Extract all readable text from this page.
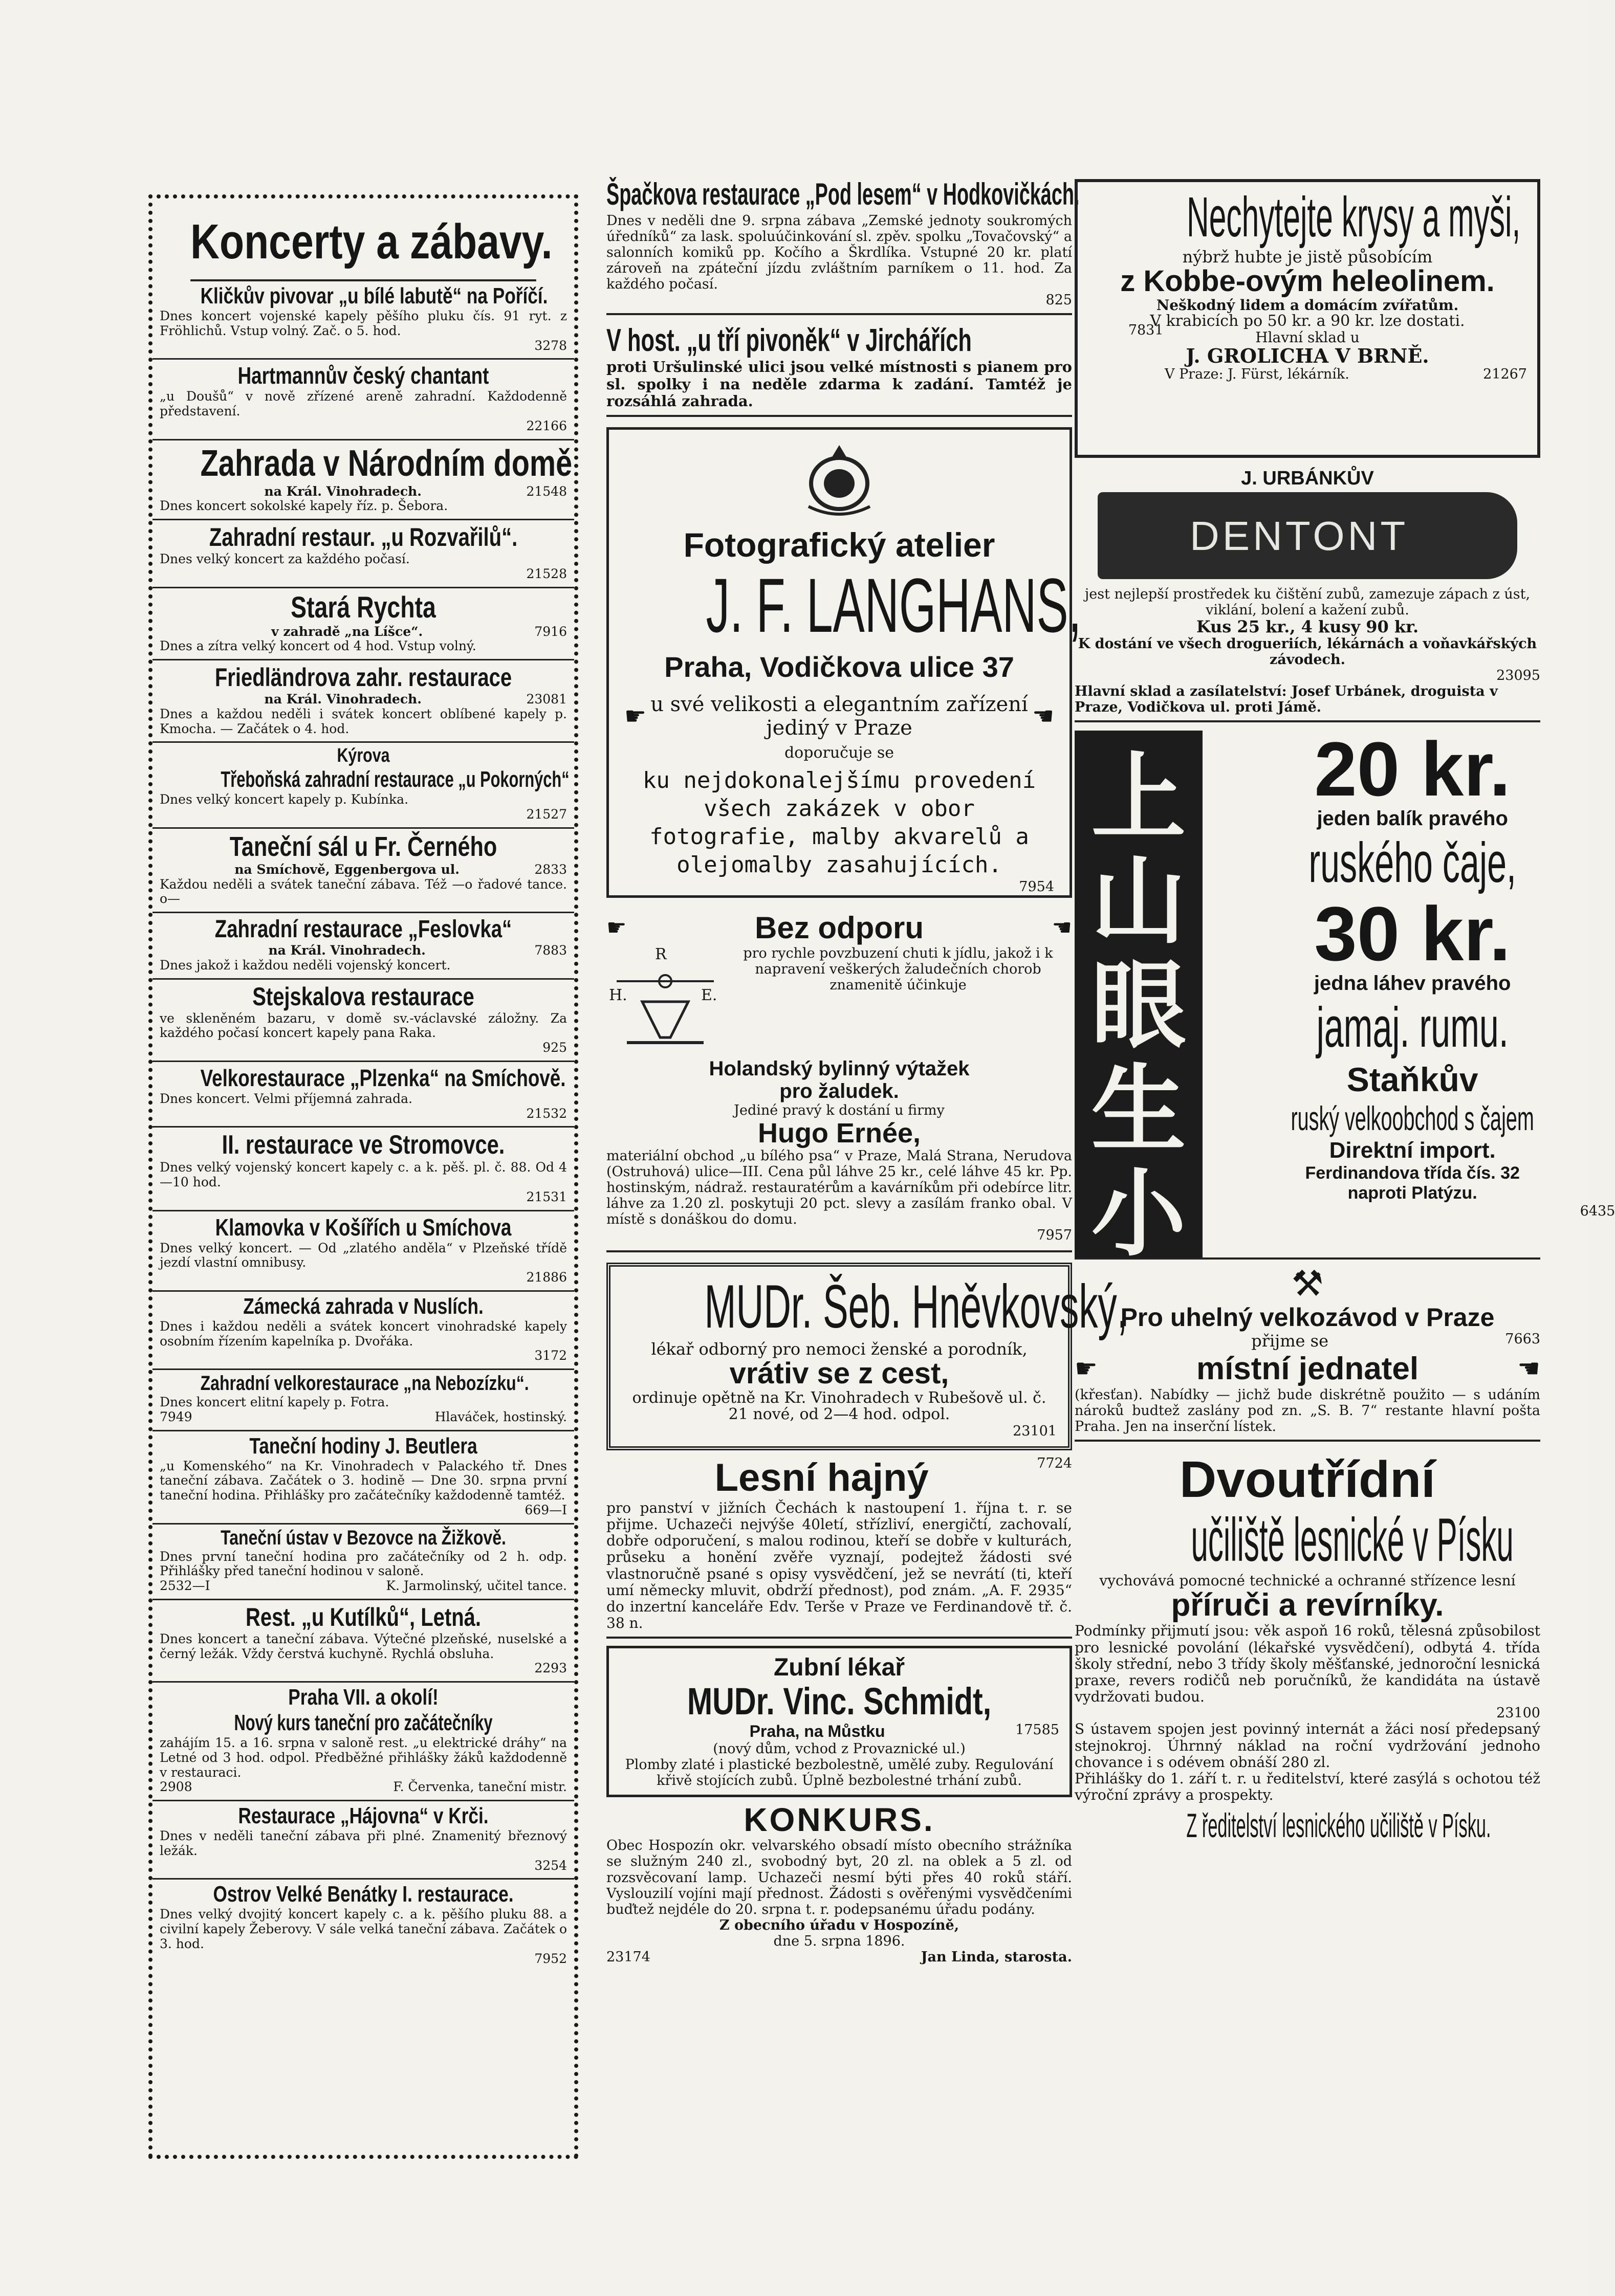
Koncerty a zábavy.
Kličkův pivovar „u bílé labutě“ na Poříčí.
Dnes koncert vojenské kapely pěšího pluku čís. 91 ryt. z Fröhlichů. Vstup volný. Zač. o 5. hod.
3278
Hartmannův český chantant
„u Doušů“ v nově zřízené areně zahradní. Každodenně představení.
22166
Zahrada v Národním domě
na Král. Vinohradech.	21548
Dnes koncert sokolské kapely říz. p. Šebora.
Zahradní restaur. „u Rozvařilů“.
Dnes velký koncert za každého počasí.
21528
Stará Rychta
v zahradě „na Líšce“.	7916
Dnes a zítra velký koncert od 4 hod. Vstup volný.
Friedländrova zahr. restaurace
na Král. Vinohradech.	23081
Dnes a každou neděli i svátek koncert oblíbené kapely p. Kmocha. — Začátek o 4. hod.
Kýrova
Třeboňská zahradní restaurace „u Pokorných“
Dnes velký koncert kapely p. Kubínka.
21527
Taneční sál u Fr. Černého
na Smíchově, Eggenbergova ul.	2833
Každou neděli a svátek taneční zábava. Též —o řadové tance. o—
Zahradní restaurace „Feslovka“
na Král. Vinohradech.	7883
Dnes jakož i každou neděli vojenský koncert.
Stejskalova restaurace
ve skleněném bazaru, v domě sv.-václavské záložny. Za každého počasí koncert kapely pana Raka.
925
Velkorestaurace „Plzenka“ na Smíchově.
Dnes koncert. Velmi příjemná zahrada.
21532
II. restaurace ve Stromovce.
Dnes velký vojenský koncert kapely c. a k. pěš. pl. č. 88. Od 4—10 hod.
21531
Klamovka v Košířích u Smíchova
Dnes velký koncert. — Od „zlatého anděla“ v Plzeňské třídě jezdí vlastní omnibusy.
21886
Zámecká zahrada v Nuslích.
Dnes i každou neděli a svátek koncert vinohradské kapely osobním řízením kapelníka p. Dvořáka.
3172
Zahradní velkorestaurace „na Nebozízku“.
Dnes koncert elitní kapely p. Fotra.
7949	Hlaváček, hostinský.
Taneční hodiny J. Beutlera
„u Komenského“ na Kr. Vinohradech v Palackého tř. Dnes taneční zábava. Začátek o 3. hodině — Dne 30. srpna první taneční hodina. Přihlášky pro začátečníky každodenně tamtéž.
669—I
Taneční ústav v Bezovce na Žižkově.
Dnes první taneční hodina pro začátečníky od 2 h. odp. Přihlášky před taneční hodinou v saloně.
2532—I	K. Jarmolinský, učitel tance.
Rest. „u Kutílků“, Letná.
Dnes koncert a taneční zábava. Výtečné plzeňské, nuselské a černý ležák. Vždy čerstvá kuchyně. Rychlá obsluha.
2293
Praha VII. a okolí!
Nový kurs taneční pro začátečníky
zahájím 15. a 16. srpna v saloně rest. „u elektrické dráhy“ na Letné od 3 hod. odpol. Předběžné přihlášky žáků každodenně v restauraci.
2908	F. Červenka, taneční mistr.
Restaurace „Hájovna“ v Krči.
Dnes v neděli taneční zábava při plné. Znamenitý březnový ležák.
3254
Ostrov Velké Benátky I. restaurace.
Dnes velký dvojitý koncert kapely c. a k. pěšího pluku 88. a civilní kapely Žeberovy. V sále velká taneční zábava. Začátek o 3. hod.
7952
Špačkova restaurace „Pod lesem“ v Hodkovičkách.
Dnes v neděli dne 9. srpna zábava „Zemské jednoty soukromých úředníků“ za lask. spoluúčinkování sl. zpěv. spolku „Tovačovský“ a salonních komiků pp. Kočího a Škrdlíka. Vstupné 20 kr. platí zároveň na zpáteční jízdu zvláštním parníkem o 11. hod. Za každého počasí.
825
V host. „u tří pivoněk“ v Jirchářích	7831
proti Uršulinské ulici jsou velké místnosti s pianem pro sl. spolky i na neděle zdarma k zadání. Tamtéž je rozsáhlá zahrada.
Fotografický atelier
J. F. LANGHANS,
Praha, Vodičkova ulice 37
☛ u své velikosti a elegantním zařízení jediný v Praze	☚
doporučuje se
ku nejdokonalejšímu provedení všech zakázek v obor fotografie, malby akvarelů a olejomalby zasahujících.
7954
☛	Bez odporu	☚
R
H.	E.
pro rychle povzbuzení chuti k jídlu, jakož i k napravení veškerých žaludečních chorob znamenitě účinkuje
Holandský bylinný výtažek
pro žaludek.
Jediné pravý k dostání u firmy
Hugo Ernée,
materiální obchod „u bílého psa“ v Praze, Malá Strana, Nerudova (Ostruhová) ulice—III. Cena půl láhve 25 kr., celé láhve 45 kr. Pp. hostinským, nádraž. restauratérům a kavárníkům při odebírce litr. láhve za 1.20 zl. poskytuji 20 pct. slevy a zasílám franko obal. V místě s donáškou do domu.
7957
MUDr. Šeb. Hněvkovský,
lékař odborný pro nemoci ženské a porodník,
vrátiv se z cest,
ordinuje opětně na Kr. Vinohradech v Rubešově ul. č. 21 nové, od 2—4 hod. odpol.
23101
Lesní hajný	7724
pro panství v jižních Čechách k nastoupení 1. října t. r. se přijme. Uchazeči nejvýše 40letí, střízliví, energičtí, zachovalí, dobře odporučení, s malou rodinou, kteří se dobře v kulturách, průseku a honění zvěře vyznají, podejtež žádosti své vlastnoručně psané s opisy vysvědčení, jež se nevrátí (ti, kteří umí německy mluvit, obdrží přednost), pod znám. „A. F. 2935“ do inzertní kanceláře Edv. Terše v Praze ve Ferdinandově tř. č. 38 n.
Zubní lékař
MUDr. Vinc. Schmidt,
Praha, na Můstku	17585
(nový dům, vchod z Provaznické ul.)
Plomby zlaté i plastické bezbolestně, umělé zuby. Regulování křivě stojících zubů. Úplně bezbolestné trhání zubů.
KONKURS.
Obec Hospozín okr. velvarského obsadí místo obecního strážníka se služným 240 zl., svobodný byt, 20 zl. na oblek a 5 zl. od rozsvěcovaní lamp. Uchazeči nesmí býti přes 40 roků stáří. Vyslouzilí vojíni mají přednost. Žádosti s ověřenými vysvědčeními buďtež nejdéle do 20. srpna t. r. podepsanému úřadu podány.
Z obecního úřadu v Hospozíně,
dne 5. srpna 1896.
23174	Jan Linda, starosta.
Nechytejte krysy a myši,
nýbrž hubte je jistě působícím
z Kobbe-ovým heleolinem.
Neškodný lidem a domácím zvířatům.
V krabicích po 50 kr. a 90 kr. lze dostati.
Hlavní sklad u
J. GROLICHA V BRNĚ.
V Praze: J. Fürst, lékárník.	21267
J. URBÁNKŮV
DENTONT
jest nejlepší prostředek ku čištění zubů, zamezuje zápach z úst, viklání, bolení a kažení zubů.
Kus 25 kr., 4 kusy 90 kr.
K dostání ve všech drogueriích, lékárnách a voňavkářských závodech.
23095
Hlavní sklad a zasílatelství: Josef Urbánek, droguista v Praze, Vodičkova ul. proti Jámě.
上
山
眼
生
小
20 kr.
jeden balík pravého
ruského čaje,
30 kr.
jedna láhev pravého
jamaj. rumu.
Staňkův
ruský velkoobchod s čajem
Direktní import.
Ferdinandova třída čís. 32
naproti Platýzu.
6435
⚒
Pro uhelný velkozávod v Praze
přijme se	7663
☛	místní jednatel	☚
(křesťan). Nabídky — jichž bude diskrétně použito — s udáním nároků budtež zaslány pod zn. „S. B. 7“ restante hlavní pošta Praha. Jen na inserční lístek.
Dvoutřídní
učiliště lesnické v Písku
vychovává pomocné technické a ochranné střízence lesní
příruči a revírníky.
Podmínky přijmutí jsou: věk aspoň 16 roků, tělesná způsobilost pro lesnické povolání (lékařské vysvědčení), odbytá 4. třída školy střední, nebo 3 třídy školy měšťanské, jednoroční lesnická praxe, revers rodičů neb poručníků, že kandidáta na ústavě vydržovati budou.
23100
S ústavem spojen jest povinný internát a žáci nosí předepsaný stejnokroj. Úhrnný náklad na roční vydržování jednoho chovance i s odévem obnáší 280 zl.
Přihlášky do 1. září t. r. u ředitelství, které zasýlá s ochotou též výroční zprávy a prospekty.
Z ředitelství lesnického učiliště v Písku.
